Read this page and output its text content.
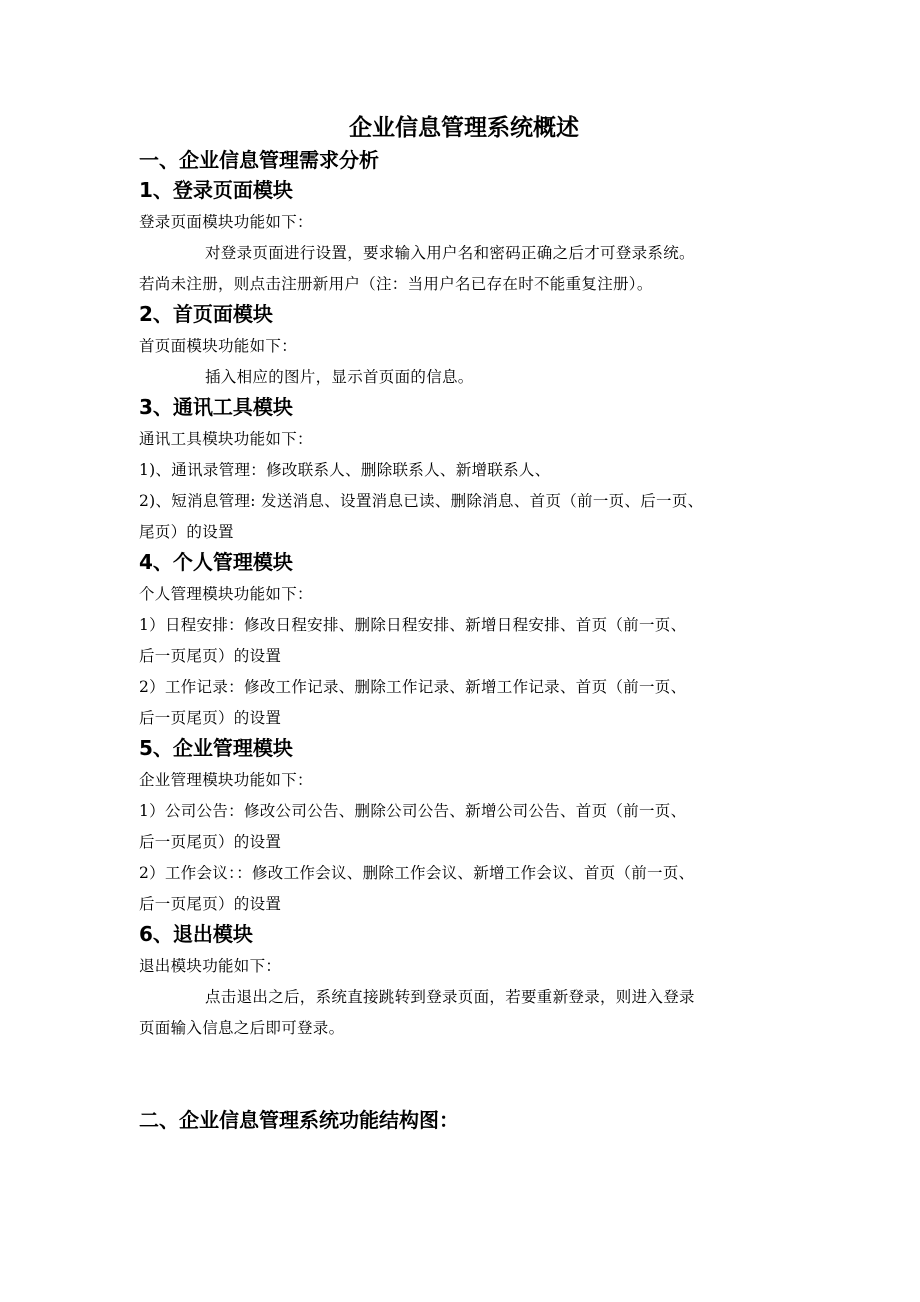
企业信息管理系统概述
一、企业信息管理需求分析
1、登录页面模块
登录页面模块功能如下：
对登录页面进行设置，要求输入用户名和密码正确之后才可登录系统。
若尚未注册，则点击注册新用户（注：当用户名已存在时不能重复注册）。
2、首页面模块
首页面模块功能如下：
插入相应的图片，显示首页面的信息。
3、通讯工具模块
通讯工具模块功能如下：
1)、通讯录管理：修改联系人、删除联系人、新增联系人、
2)、短消息管理: 发送消息、设置消息已读、删除消息、首页（前一页、后一页、
尾页）的设置
4、个人管理模块
个人管理模块功能如下：
1）日程安排：修改日程安排、删除日程安排、新增日程安排、首页（前一页、
后一页尾页）的设置
2）工作记录：修改工作记录、删除工作记录、新增工作记录、首页（前一页、
后一页尾页）的设置
5、企业管理模块
企业管理模块功能如下：
1）公司公告：修改公司公告、删除公司公告、新增公司公告、首页（前一页、
后一页尾页）的设置
2）工作会议：：修改工作会议、删除工作会议、新增工作会议、首页（前一页、
后一页尾页）的设置
6、退出模块
退出模块功能如下：
点击退出之后，系统直接跳转到登录页面，若要重新登录，则进入登录
页面输入信息之后即可登录。
二、企业信息管理系统功能结构图：
